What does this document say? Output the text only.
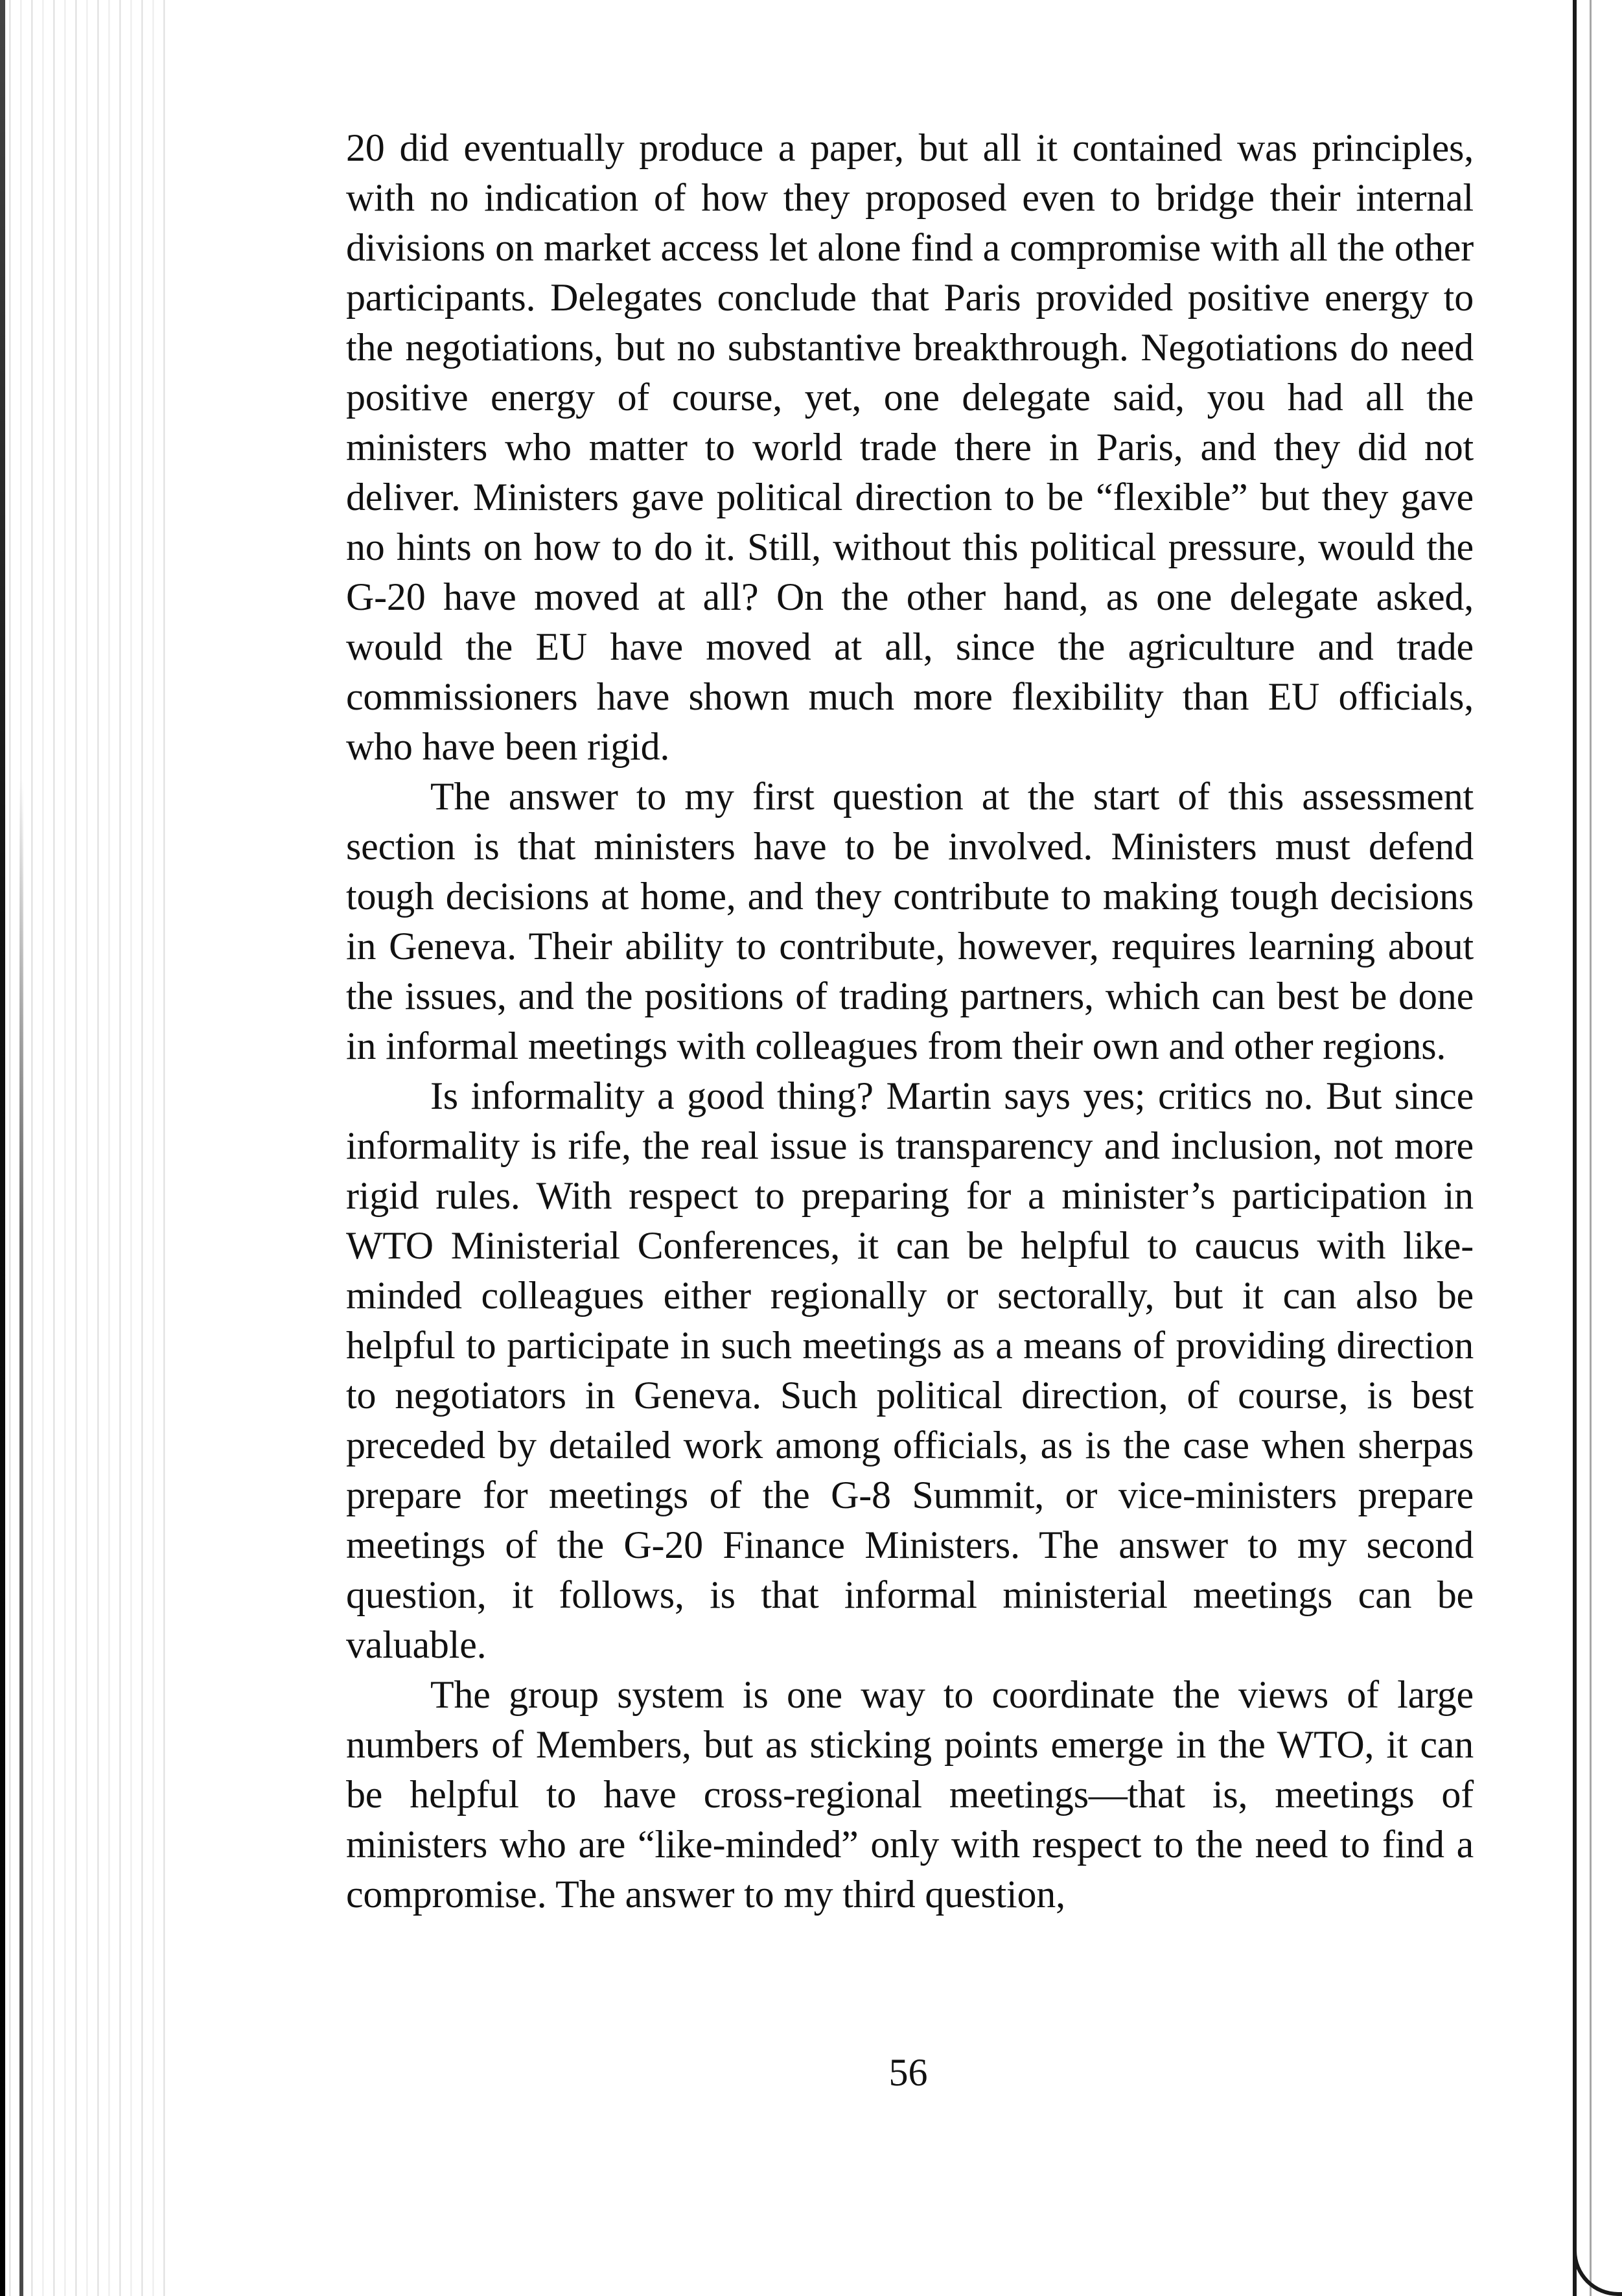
20 did eventually produce a paper, but all it contained was principles, with no indication of how they proposed even to bridge their internal divisions on market access let alone find a compromise with all the other participants. Delegates conclude that Paris provided positive energy to the negotiations, but no substantive breakthrough. Negotiations do need positive energy of course, yet, one delegate said, you had all the ministers who matter to world trade there in Paris, and they did not deliver. Ministers gave political direction to be “flexible” but they gave no hints on how to do it. Still, without this political pressure, would the G-20 have moved at all? On the other hand, as one delegate asked, would the EU have moved at all, since the agriculture and trade commissioners have shown much more flexibility than EU officials, who have been rigid.

The answer to my first question at the start of this assessment section is that ministers have to be involved. Ministers must defend tough decisions at home, and they contribute to making tough decisions in Geneva. Their ability to contribute, however, requires learning about the issues, and the positions of trading partners, which can best be done in informal meetings with colleagues from their own and other regions.

Is informality a good thing? Martin says yes; critics no. But since informality is rife, the real issue is transparency and inclusion, not more rigid rules. With respect to preparing for a minister’s participation in WTO Ministerial Conferences, it can be helpful to caucus with like-minded colleagues either regionally or sectorally, but it can also be helpful to participate in such meetings as a means of providing direction to negotiators in Geneva. Such political direction, of course, is best preceded by detailed work among officials, as is the case when sherpas prepare for meetings of the G-8 Summit, or vice-ministers prepare meetings of the G-20 Finance Ministers. The answer to my second question, it follows, is that informal ministerial meetings can be valuable.

The group system is one way to coordinate the views of large numbers of Members, but as sticking points emerge in the WTO, it can be helpful to have cross-regional meetings—that is, meetings of ministers who are “like-minded” only with respect to the need to find a compromise. The answer to my third question,

56
